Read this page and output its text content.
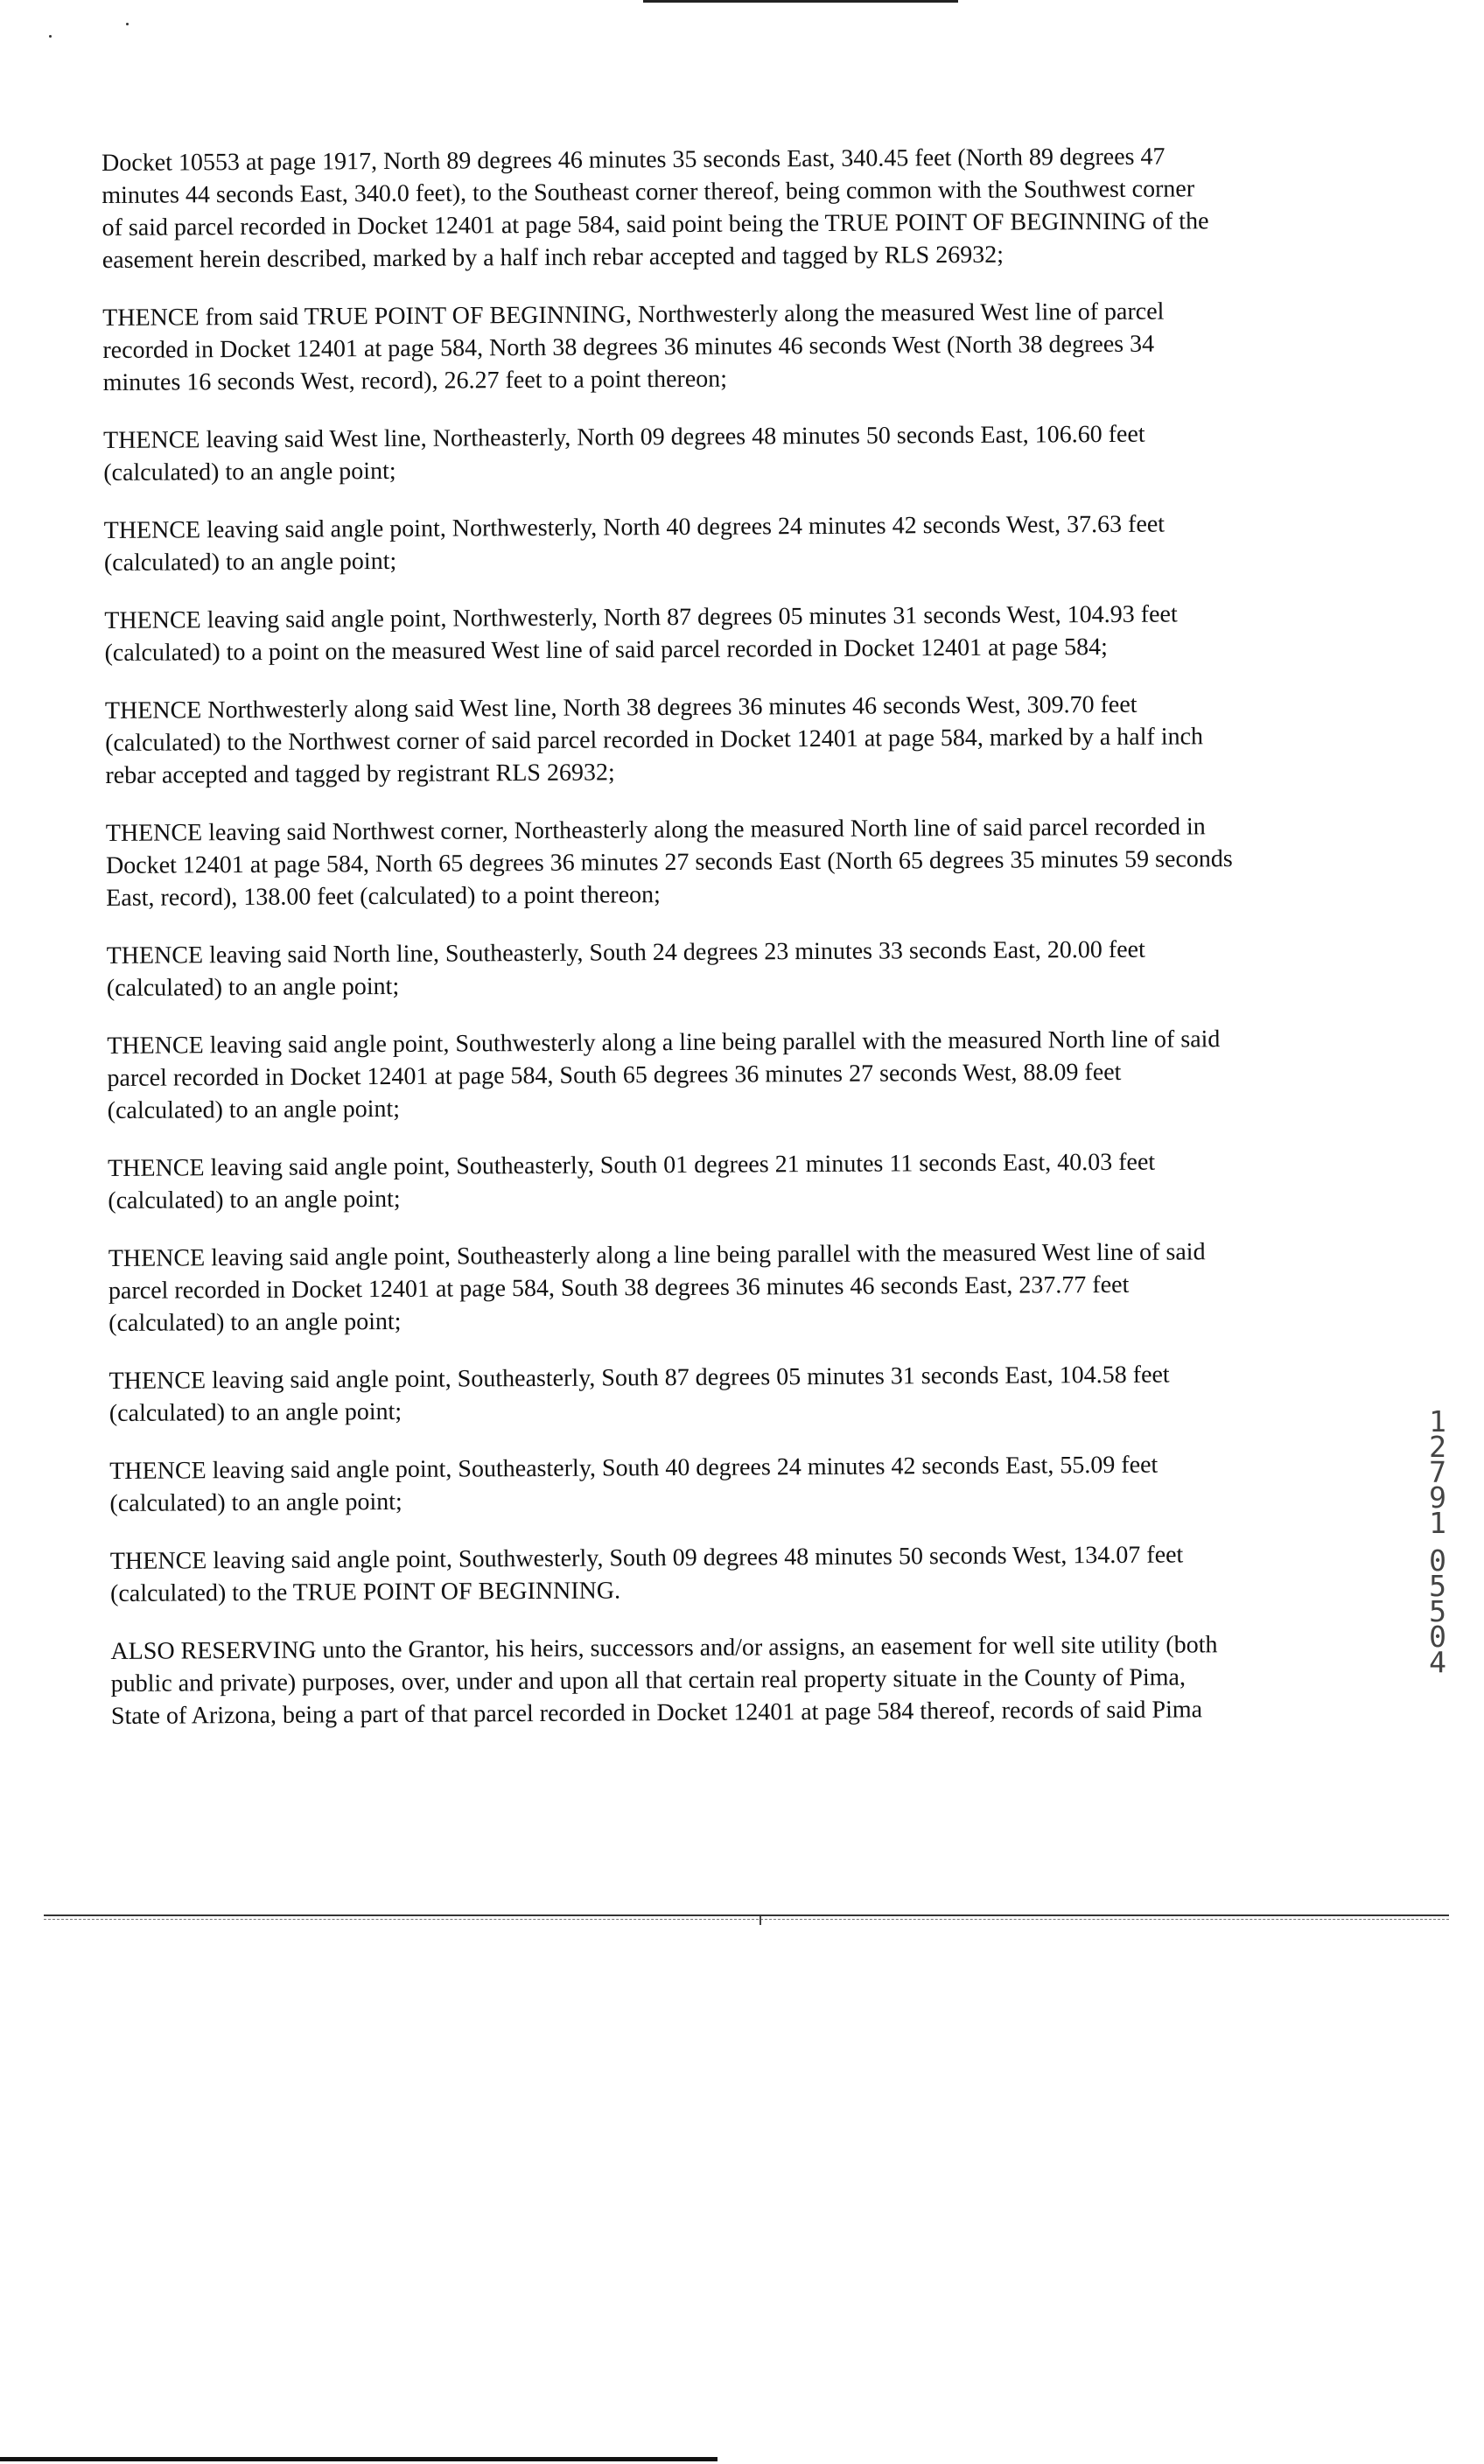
Docket 10553 at page 1917, North 89 degrees 46 minutes 35 seconds East, 340.45 feet (North 89 degrees 47
minutes 44 seconds East, 340.0 feet), to the Southeast corner thereof, being common with the Southwest corner
of said parcel recorded in Docket 12401 at page 584, said point being the TRUE POINT OF BEGINNING of the
easement herein described, marked by a half inch rebar accepted and tagged by RLS 26932;

THENCE from said TRUE POINT OF BEGINNING, Northwesterly along the measured West line of parcel
recorded in Docket 12401 at page 584, North 38 degrees 36 minutes 46 seconds West (North 38 degrees 34
minutes 16 seconds West, record), 26.27 feet to a point thereon;

THENCE leaving said West line, Northeasterly, North 09 degrees 48 minutes 50 seconds East, 106.60 feet
(calculated) to an angle point;

THENCE leaving said angle point, Northwesterly, North 40 degrees 24 minutes 42 seconds West, 37.63 feet
(calculated) to an angle point;

THENCE leaving said angle point, Northwesterly, North 87 degrees 05 minutes 31 seconds West, 104.93 feet
(calculated) to a point on the measured West line of said parcel recorded in Docket 12401 at page 584;

THENCE Northwesterly along said West line, North 38 degrees 36 minutes 46 seconds West, 309.70 feet
(calculated) to the Northwest corner of said parcel recorded in Docket 12401 at page 584, marked by a half inch
rebar accepted and tagged by registrant RLS 26932;

THENCE leaving said Northwest corner, Northeasterly along the measured North line of said parcel recorded in
Docket 12401 at page 584, North 65 degrees 36 minutes 27 seconds East (North 65 degrees 35 minutes 59 seconds
East, record), 138.00 feet (calculated) to a point thereon;

THENCE leaving said North line, Southeasterly, South 24 degrees 23 minutes 33 seconds East, 20.00 feet
(calculated) to an angle point;

THENCE leaving said angle point, Southwesterly along a line being parallel with the measured North line of said
parcel recorded in Docket 12401 at page 584, South 65 degrees 36 minutes 27 seconds West, 88.09 feet
(calculated) to an angle point;

THENCE leaving said angle point, Southeasterly, South 01 degrees 21 minutes 11 seconds East, 40.03 feet
(calculated) to an angle point;

THENCE leaving said angle point, Southeasterly along a line being parallel with the measured West line of said
parcel recorded in Docket 12401 at page 584, South 38 degrees 36 minutes 46 seconds East, 237.77 feet
(calculated) to an angle point;

THENCE leaving said angle point, Southeasterly, South 87 degrees 05 minutes 31 seconds East, 104.58 feet
(calculated) to an angle point;

THENCE leaving said angle point, Southeasterly, South 40 degrees 24 minutes 42 seconds East, 55.09 feet
(calculated) to an angle point;

THENCE leaving said angle point, Southwesterly, South 09 degrees 48 minutes 50 seconds West, 134.07 feet
(calculated) to the TRUE POINT OF BEGINNING.

ALSO RESERVING unto the Grantor, his heirs, successors and/or assigns, an easement for well site utility (both
public and private) purposes, over, under and upon all that certain real property situate in the County of Pima,
State of Arizona, being a part of that parcel recorded in Docket 12401 at page 584 thereof, records of said Pima

1
2
7
9
1
0
5
5
0
4
